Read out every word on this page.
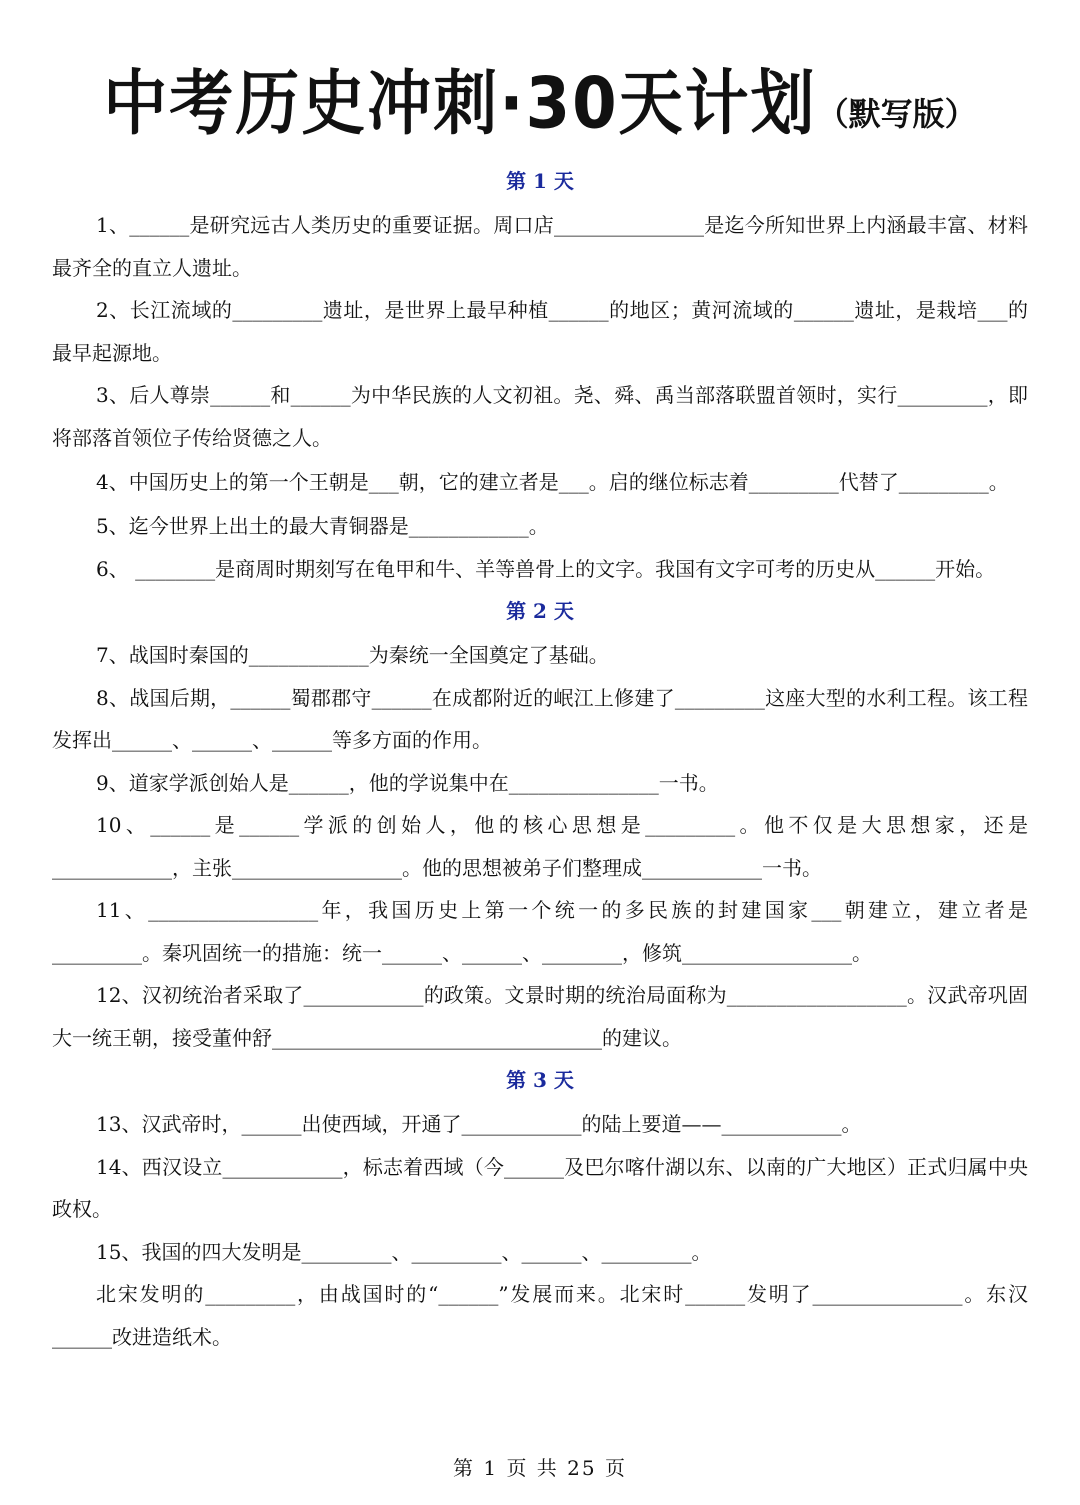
中考历史冲刺·30天计划（默写版）
第 1 天

1、______是研究远古人类历史的重要证据。周口店_______________是迄今所知世界上内涵最丰富、材料最齐全的直立人遗址。

2、长江流域的_________遗址，是世界上最早种植______的地区；黄河流域的______遗址，是栽培___的最早起源地。

3、后人尊崇______和______为中华民族的人文初祖。尧、舜、禹当部落联盟首领时，实行_________，即将部落首领位子传给贤德之人。

4、中国历史上的第一个王朝是___朝，它的建立者是___。启的继位标志着_________代替了_________。

5、迄今世界上出土的最大青铜器是____________。

6、 ________是商周时期刻写在龟甲和牛、羊等兽骨上的文字。我国有文字可考的历史从______开始。

第 2 天

7、战国时秦国的____________为秦统一全国奠定了基础。

8、战国后期，______蜀郡郡守______在成都附近的岷江上修建了_________这座大型的水利工程。该工程发挥出______、______、______等多方面的作用。

9、道家学派创始人是______，他的学说集中在_______________一书。

10、______是______学派的创始人，他的核心思想是_________。他不仅是大思想家，还是____________，主张_________________。他的思想被弟子们整理成____________一书。

11、_________________年，我国历史上第一个统一的多民族的封建国家___朝建立，建立者是_________。秦巩固统一的措施：统一______、______、________，修筑_________________。

12、汉初统治者采取了____________的政策。文景时期的统治局面称为__________________。汉武帝巩固大一统王朝，接受董仲舒_________________________________的建议。

第 3 天

13、汉武帝时，______出使西域，开通了____________的陆上要道——____________。

14、西汉设立____________，标志着西域（今______及巴尔喀什湖以东、以南的广大地区）正式归属中央政权。

15、我国的四大发明是_________、_________、______、_________。

北宋发明的_________，由战国时的“______”发展而来。北宋时______发明了_______________。东汉______改进造纸术。

第 1 页 共 25 页
